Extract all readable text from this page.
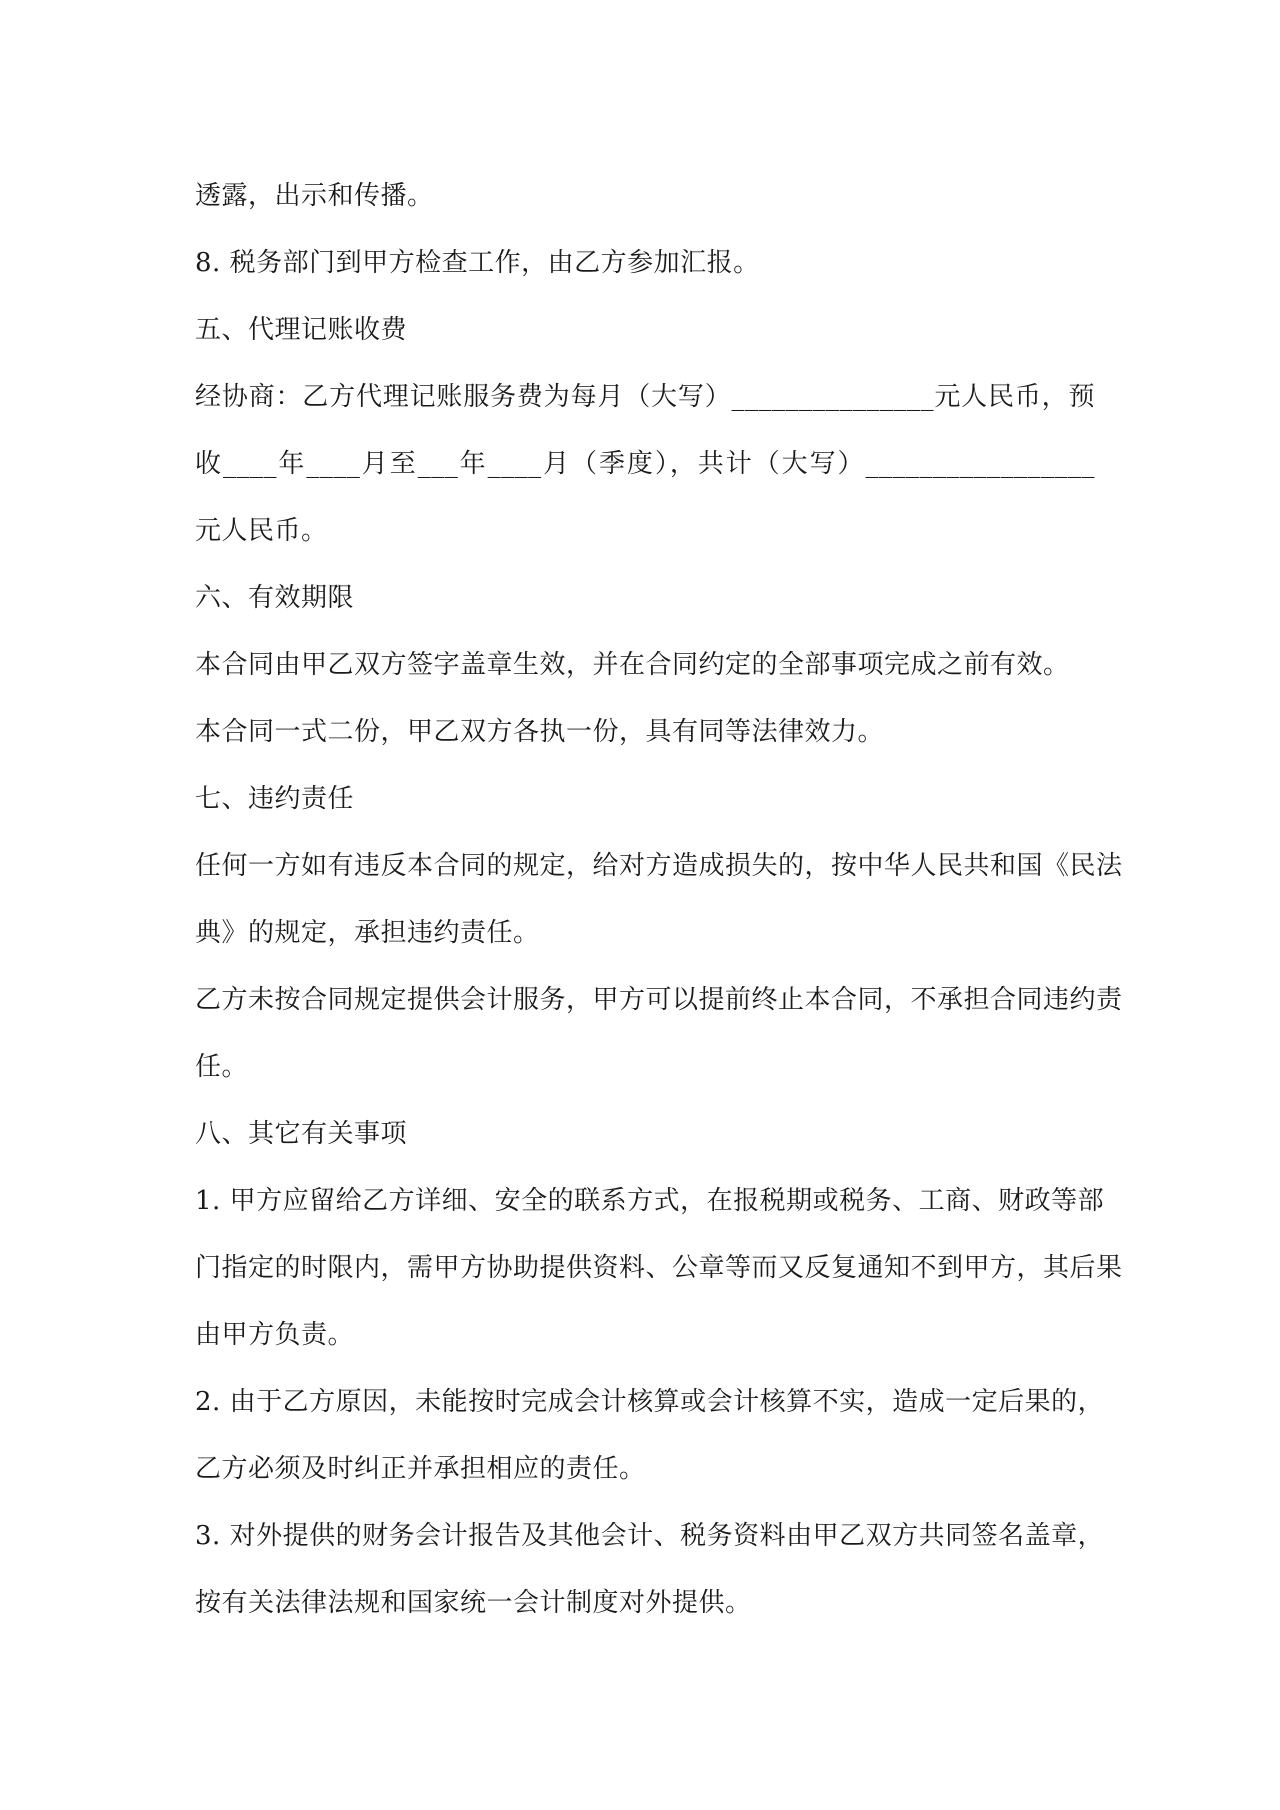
透露，出示和传播。
8. 税务部门到甲方检查工作，由乙方参加汇报。
五、代理记账收费
经协商：乙方代理记账服务费为每月（大写）_______________元人民币，预
收____年____月至___年____月（季度），共计（大写）_________________
元人民币。
六、有效期限
本合同由甲乙双方签字盖章生效，并在合同约定的全部事项完成之前有效。
本合同一式二份，甲乙双方各执一份，具有同等法律效力。
七、违约责任
任何一方如有违反本合同的规定，给对方造成损失的，按中华人民共和国《民法
典》的规定，承担违约责任。
乙方未按合同规定提供会计服务，甲方可以提前终止本合同，不承担合同违约责
任。
八、其它有关事项
1. 甲方应留给乙方详细、安全的联系方式，在报税期或税务、工商、财政等部
门指定的时限内，需甲方协助提供资料、公章等而又反复通知不到甲方，其后果
由甲方负责。
2. 由于乙方原因，未能按时完成会计核算或会计核算不实，造成一定后果的，
乙方必须及时纠正并承担相应的责任。
3. 对外提供的财务会计报告及其他会计、税务资料由甲乙双方共同签名盖章，
按有关法律法规和国家统一会计制度对外提供。
